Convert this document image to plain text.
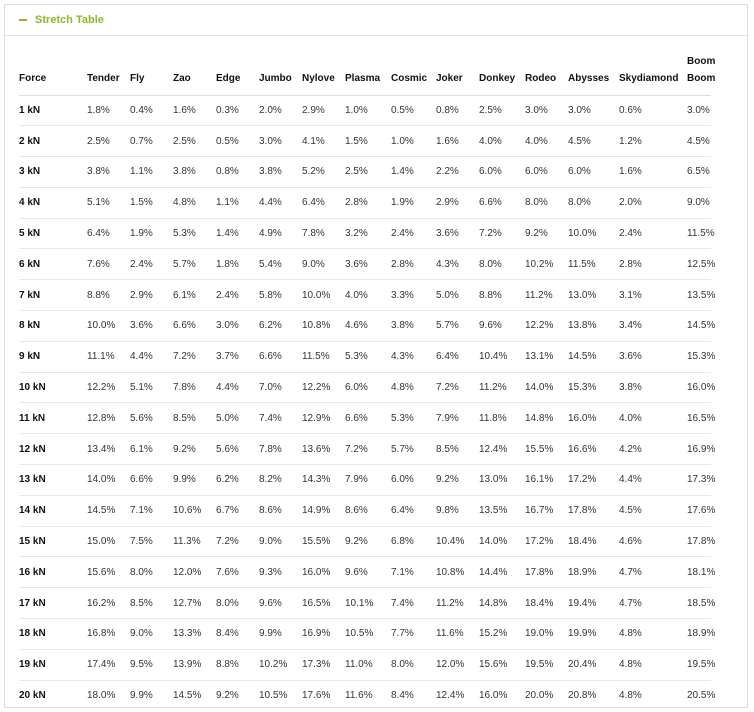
Stretch Table
Force	Tender	Fly	Zao	Edge	Jumbo	Nylove	Plasma	Cosmic	Joker	Donkey	Rodeo	Abysses	Skydiamond	Boom Boom
1 kN	1.8%	0.4%	1.6%	0.3%	2.0%	2.9%	1.0%	0.5%	0.8%	2.5%	3.0%	3.0%	0.6%	3.0%
2 kN	2.5%	0.7%	2.5%	0.5%	3.0%	4.1%	1.5%	1.0%	1.6%	4.0%	4.0%	4.5%	1.2%	4.5%
3 kN	3.8%	1.1%	3.8%	0.8%	3.8%	5.2%	2.5%	1.4%	2.2%	6.0%	6.0%	6.0%	1.6%	6.5%
4 kN	5.1%	1.5%	4.8%	1.1%	4.4%	6.4%	2.8%	1.9%	2.9%	6.6%	8.0%	8.0%	2.0%	9.0%
5 kN	6.4%	1.9%	5.3%	1.4%	4.9%	7.8%	3.2%	2.4%	3.6%	7.2%	9.2%	10.0%	2.4%	11.5%
6 kN	7.6%	2.4%	5.7%	1.8%	5.4%	9.0%	3.6%	2.8%	4.3%	8.0%	10.2%	11.5%	2.8%	12.5%
7 kN	8.8%	2.9%	6.1%	2.4%	5.8%	10.0%	4.0%	3.3%	5.0%	8.8%	11.2%	13.0%	3.1%	13.5%
8 kN	10.0%	3.6%	6.6%	3.0%	6.2%	10.8%	4.6%	3.8%	5.7%	9.6%	12.2%	13.8%	3.4%	14.5%
9 kN	11.1%	4.4%	7.2%	3.7%	6.6%	11.5%	5.3%	4.3%	6.4%	10.4%	13.1%	14.5%	3.6%	15.3%
10 kN	12.2%	5.1%	7.8%	4.4%	7.0%	12.2%	6.0%	4.8%	7.2%	11.2%	14.0%	15.3%	3.8%	16.0%
11 kN	12.8%	5.6%	8.5%	5.0%	7.4%	12.9%	6.6%	5.3%	7.9%	11.8%	14.8%	16.0%	4.0%	16.5%
12 kN	13.4%	6.1%	9.2%	5.6%	7.8%	13.6%	7.2%	5.7%	8.5%	12.4%	15.5%	16.6%	4.2%	16.9%
13 kN	14.0%	6.6%	9.9%	6.2%	8.2%	14.3%	7.9%	6.0%	9.2%	13.0%	16.1%	17.2%	4.4%	17.3%
14 kN	14.5%	7.1%	10.6%	6.7%	8.6%	14.9%	8.6%	6.4%	9.8%	13.5%	16.7%	17.8%	4.5%	17.6%
15 kN	15.0%	7.5%	11.3%	7.2%	9.0%	15.5%	9.2%	6.8%	10.4%	14.0%	17.2%	18.4%	4.6%	17.8%
16 kN	15.6%	8.0%	12.0%	7.6%	9.3%	16.0%	9.6%	7.1%	10.8%	14.4%	17.8%	18.9%	4.7%	18.1%
17 kN	16.2%	8.5%	12.7%	8.0%	9.6%	16.5%	10.1%	7.4%	11.2%	14.8%	18.4%	19.4%	4.7%	18.5%
18 kN	16.8%	9.0%	13.3%	8.4%	9.9%	16.9%	10.5%	7.7%	11.6%	15.2%	19.0%	19.9%	4.8%	18.9%
19 kN	17.4%	9.5%	13.9%	8.8%	10.2%	17.3%	11.0%	8.0%	12.0%	15.6%	19.5%	20.4%	4.8%	19.5%
20 kN	18.0%	9.9%	14.5%	9.2%	10.5%	17.6%	11.6%	8.4%	12.4%	16.0%	20.0%	20.8%	4.8%	20.5%
